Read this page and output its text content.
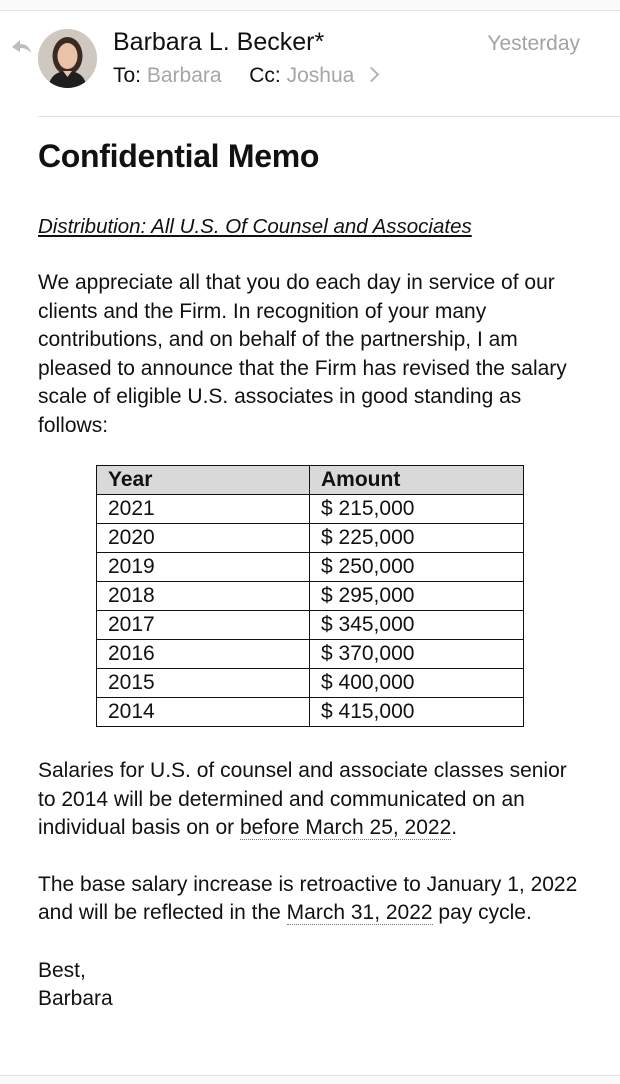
Barbara L. Becker*	Yesterday
To: Barbara Cc: Joshua
Confidential Memo
Distribution: All U.S. Of Counsel and Associates

We appreciate all that you do each day in service of our clients and the Firm. In recognition of your many contributions, and on behalf of the partnership, I am pleased to announce that the Firm has revised the salary scale of eligible U.S. associates in good standing as follows:

Year	Amount
2021	$ 215,000
2020	$ 225,000
2019	$ 250,000
2018	$ 295,000
2017	$ 345,000
2016	$ 370,000
2015	$ 400,000
2014	$ 415,000

Salaries for U.S. of counsel and associate classes senior to 2014 will be determined and communicated on an individual basis on or before March 25, 2022.

The base salary increase is retroactive to January 1, 2022 and will be reflected in the March 31, 2022 pay cycle.

Best,
Barbara
